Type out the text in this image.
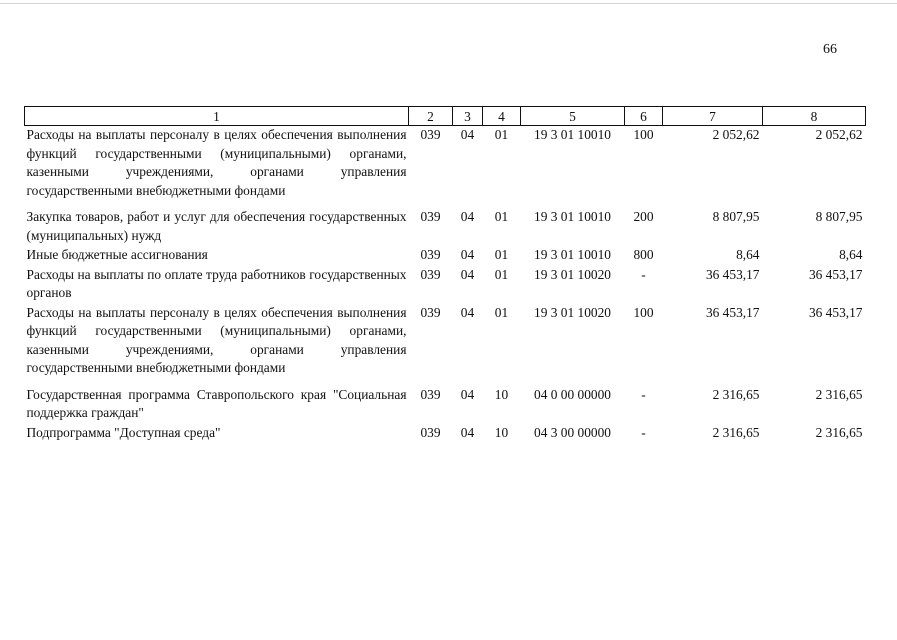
66
1	2	3	4	5	6	7	8
Расходы на выплаты персоналу в целях обеспечения выполнения функций государственными (муниципальными) органами, казенными учреждениями, органами управления государственными внебюджетными фондами	039	04	01	19 3 01 10010	100	2 052,62	2 052,62
Закупка товаров, работ и услуг для обеспечения государственных (муниципальных) нужд	039	04	01	19 3 01 10010	200	8 807,95	8 807,95
Иные бюджетные ассигнования	039	04	01	19 3 01 10010	800	8,64	8,64
Расходы на выплаты по оплате труда работников государственных органов	039	04	01	19 3 01 10020	-	36 453,17	36 453,17
Расходы на выплаты персоналу в целях обеспечения выполнения функций государственными (муниципальными) органами, казенными учреждениями, органами управления государственными внебюджетными фондами	039	04	01	19 3 01 10020	100	36 453,17	36 453,17
Государственная программа Ставропольского края "Социальная поддержка граждан"	039	04	10	04 0 00 00000	-	2 316,65	2 316,65
Подпрограмма "Доступная среда"	039	04	10	04 3 00 00000	-	2 316,65	2 316,65
